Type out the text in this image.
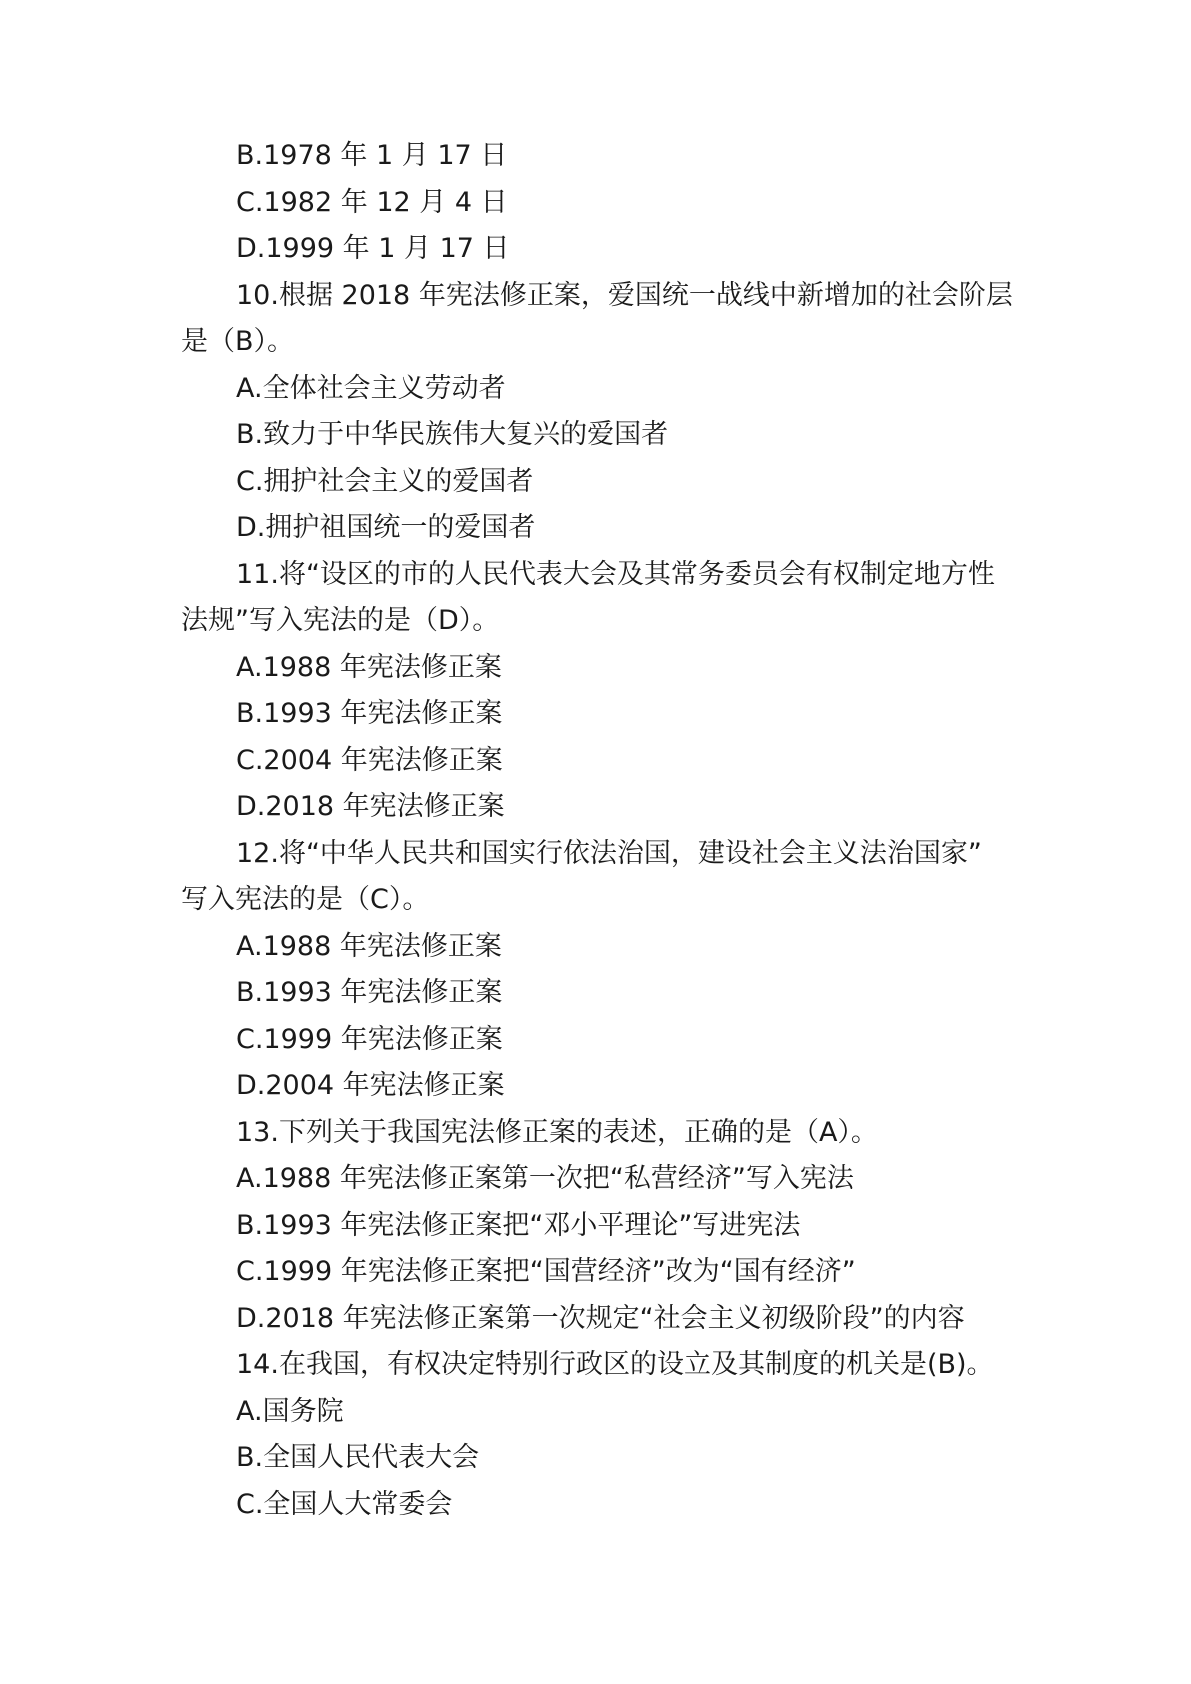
B.1978 年 1 月 17 日
C.1982 年 12 月 4 日
D.1999 年 1 月 17 日
10.根据 2018 年宪法修正案，爱国统一战线中新增加的社会阶层
是（B）。
A.全体社会主义劳动者
B.致力于中华民族伟大复兴的爱国者
C.拥护社会主义的爱国者
D.拥护祖国统一的爱国者
11.将“设区的市的人民代表大会及其常务委员会有权制定地方性
法规”写入宪法的是（D）。
A.1988 年宪法修正案
B.1993 年宪法修正案
C.2004 年宪法修正案
D.2018 年宪法修正案
12.将“中华人民共和国实行依法治国，建设社会主义法治国家”
写入宪法的是（C）。
A.1988 年宪法修正案
B.1993 年宪法修正案
C.1999 年宪法修正案
D.2004 年宪法修正案
13.下列关于我国宪法修正案的表述，正确的是（A）。
A.1988 年宪法修正案第一次把“私营经济”写入宪法
B.1993 年宪法修正案把“邓小平理论”写进宪法
C.1999 年宪法修正案把“国营经济”改为“国有经济”
D.2018 年宪法修正案第一次规定“社会主义初级阶段”的内容
14.在我国，有权决定特别行政区的设立及其制度的机关是(B)。
A.国务院
B.全国人民代表大会
C.全国人大常委会
